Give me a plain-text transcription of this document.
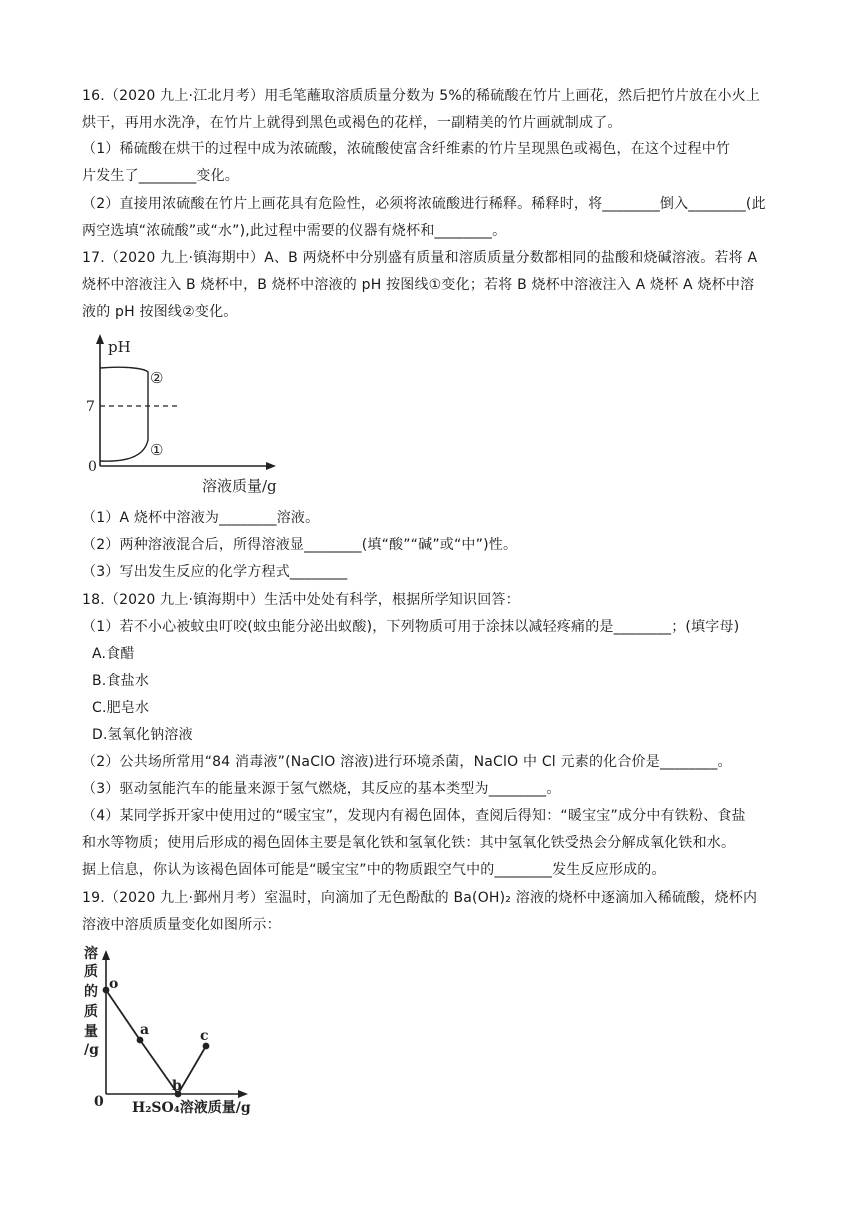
16.（2020 九上·江北月考）用毛笔蘸取溶质质量分数为 5%的稀硫酸在竹片上画花，然后把竹片放在小火上
烘干，再用水洗净，在竹片上就得到黑色或褐色的花样，一副精美的竹片画就制成了。
（1）稀硫酸在烘干的过程中成为浓硫酸，浓硫酸使富含纤维素的竹片呈现黑色或褐色，在这个过程中竹
片发生了________变化。
（2）直接用浓硫酸在竹片上画花具有危险性，必须将浓硫酸进行稀释。稀释时，将________倒入________(此
两空选填“浓硫酸”或“水”),此过程中需要的仪器有烧杯和________。
17.（2020 九上·镇海期中）A、B 两烧杯中分别盛有质量和溶质质量分数都相同的盐酸和烧碱溶液。若将 A
烧杯中溶液注入 B 烧杯中，B 烧杯中溶液的 pH 按图线①变化；若将 B 烧杯中溶液注入 A 烧杯 A 烧杯中溶
液的 pH 按图线②变化。
pH
7
0
②
①
溶液质量/g
（1）A 烧杯中溶液为________溶液。
（2）两种溶液混合后，所得溶液显________(填“酸”“碱”或“中”)性。
（3）写出发生反应的化学方程式________
18.（2020 九上·镇海期中）生活中处处有科学，根据所学知识回答：
（1）若不小心被蚊虫叮咬(蚊虫能分泌出蚁酸)，下列物质可用于涂抹以减轻疼痛的是________；(填字母)
A.食醋
B.食盐水
C.肥皂水
D.氢氧化钠溶液
（2）公共场所常用“84 消毒液”(NaClO 溶液)进行环境杀菌，NaClO 中 Cl 元素的化合价是________。
（3）驱动氢能汽车的能量来源于氢气燃烧，其反应的基本类型为________。
（4）某同学拆开家中使用过的“暖宝宝”，发现内有褐色固体，查阅后得知：“暖宝宝”成分中有铁粉、食盐
和水等物质；使用后形成的褐色固体主要是氧化铁和氢氧化铁：其中氢氧化铁受热会分解成氧化铁和水。
据上信息，你认为该褐色固体可能是“暖宝宝”中的物质跟空气中的________发生反应形成的。
19.（2020 九上·鄞州月考）室温时，向滴加了无色酚酞的 Ba(OH)₂ 溶液的烧杯中逐滴加入稀硫酸，烧杯内
溶液中溶质质量变化如图所示：
溶
质
的
质
量
/g
o
a
b
c
0 H₂SO₄溶液质量/g
